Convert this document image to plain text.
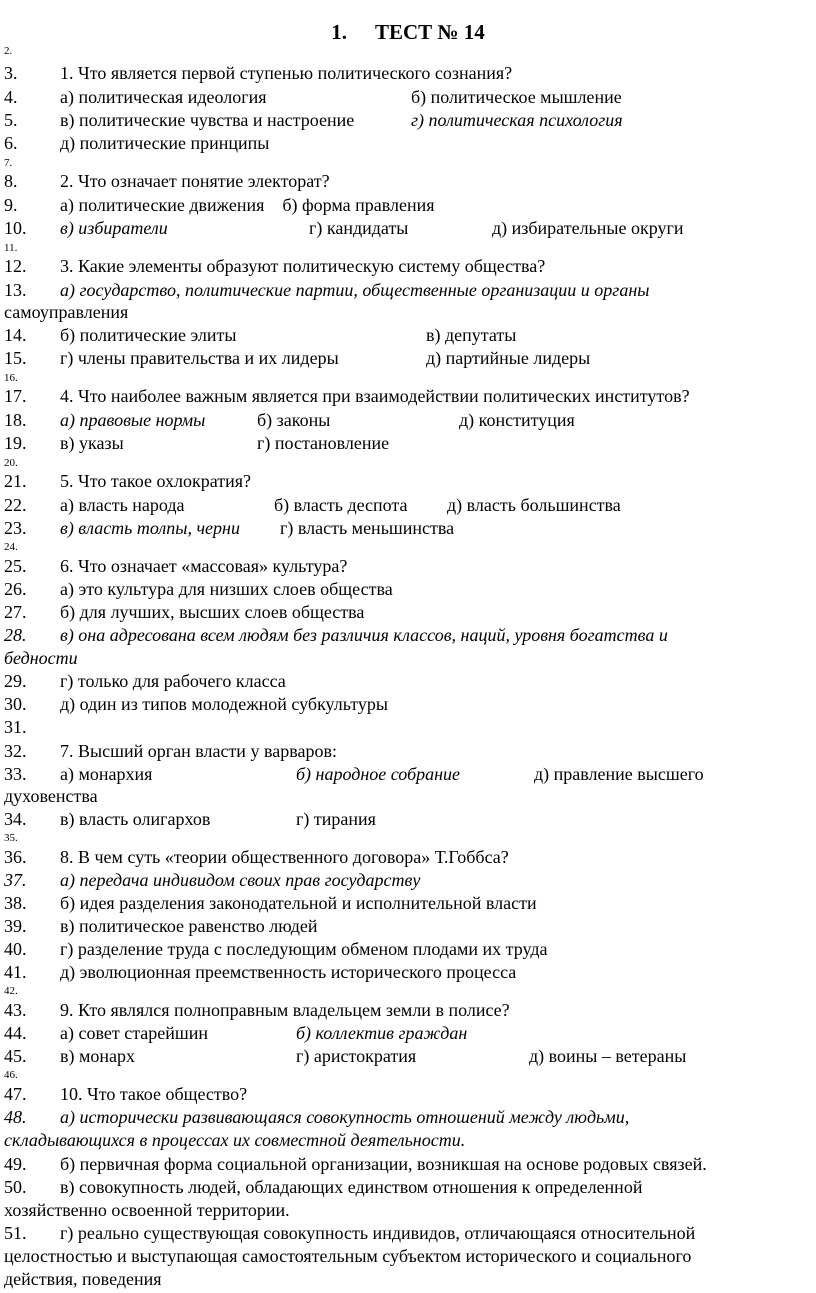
1. ТЕСТ № 14
2.
3. 1. Что является первой ступенью политического сознания?
4. а) политическая идеология	б) политическое мышление
5. в) политические чувства и настроение	г) политическая психология
6. д) политические принципы
7.
8. 2. Что означает понятие электорат?
9. а) политические движения    б) форма правления
10. в) избиратели	г) кандидаты	д) избирательные округи
11.
12. 3. Какие элементы образуют политическую систему общества?
13. а) государство, политические партии, общественные организации и органы
самоуправления
14. б) политические элиты	в) депутаты
15. г) члены правительства и их лидеры	д) партийные лидеры
16.
17. 4. Что наиболее важным является при взаимодействии политических институтов?
18. а) правовые нормы	б) законы	д) конституция
19. в) указы	г) постановление
20.
21. 5. Что такое охлократия?
22. а) власть народа	б) власть деспота д) власть большинства
23. в) власть толпы, черни г) власть меньшинства
24.
25. 6. Что означает «массовая» культура?
26. а) это культура для низших слоев общества
27. б) для лучших, высших слоев общества
28. в) она адресована всем людям без различия классов, наций, уровня богатства и
бедности
29. г) только для рабочего класса
30. д) один из типов молодежной субкультуры
31.
32. 7. Высший орган власти у варваров:
33. а) монархия	б) народное собрание	д) правление высшего
духовенства
34. в) власть олигархов	г) тирания
35.
36. 8. В чем суть «теории общественного договора» Т.Гоббса?
37. а) передача индивидом своих прав государству
38. б) идея разделения законодательной и исполнительной власти
39. в) политическое равенство людей
40. г) разделение труда с последующим обменом плодами их труда
41. д) эволюционная преемственность исторического процесса
42.
43. 9. Кто являлся полноправным владельцем земли в полисе?
44. а) совет старейшин	б) коллектив граждан
45. в) монарх	г) аристократия	д) воины – ветераны
46.
47. 10. Что такое общество?
48. а) исторически развивающаяся совокупность отношений между людьми,
складывающихся в процессах их совместной деятельности.
49. б) первичная форма социальной организации, возникшая на основе родовых связей.
50. в) совокупность людей, обладающих единством отношения к определенной
хозяйственно освоенной территории.
51. г) реально существующая совокупность индивидов, отличающаяся относительной
целостностью и выступающая самостоятельным субъектом исторического и социального
действия, поведения
